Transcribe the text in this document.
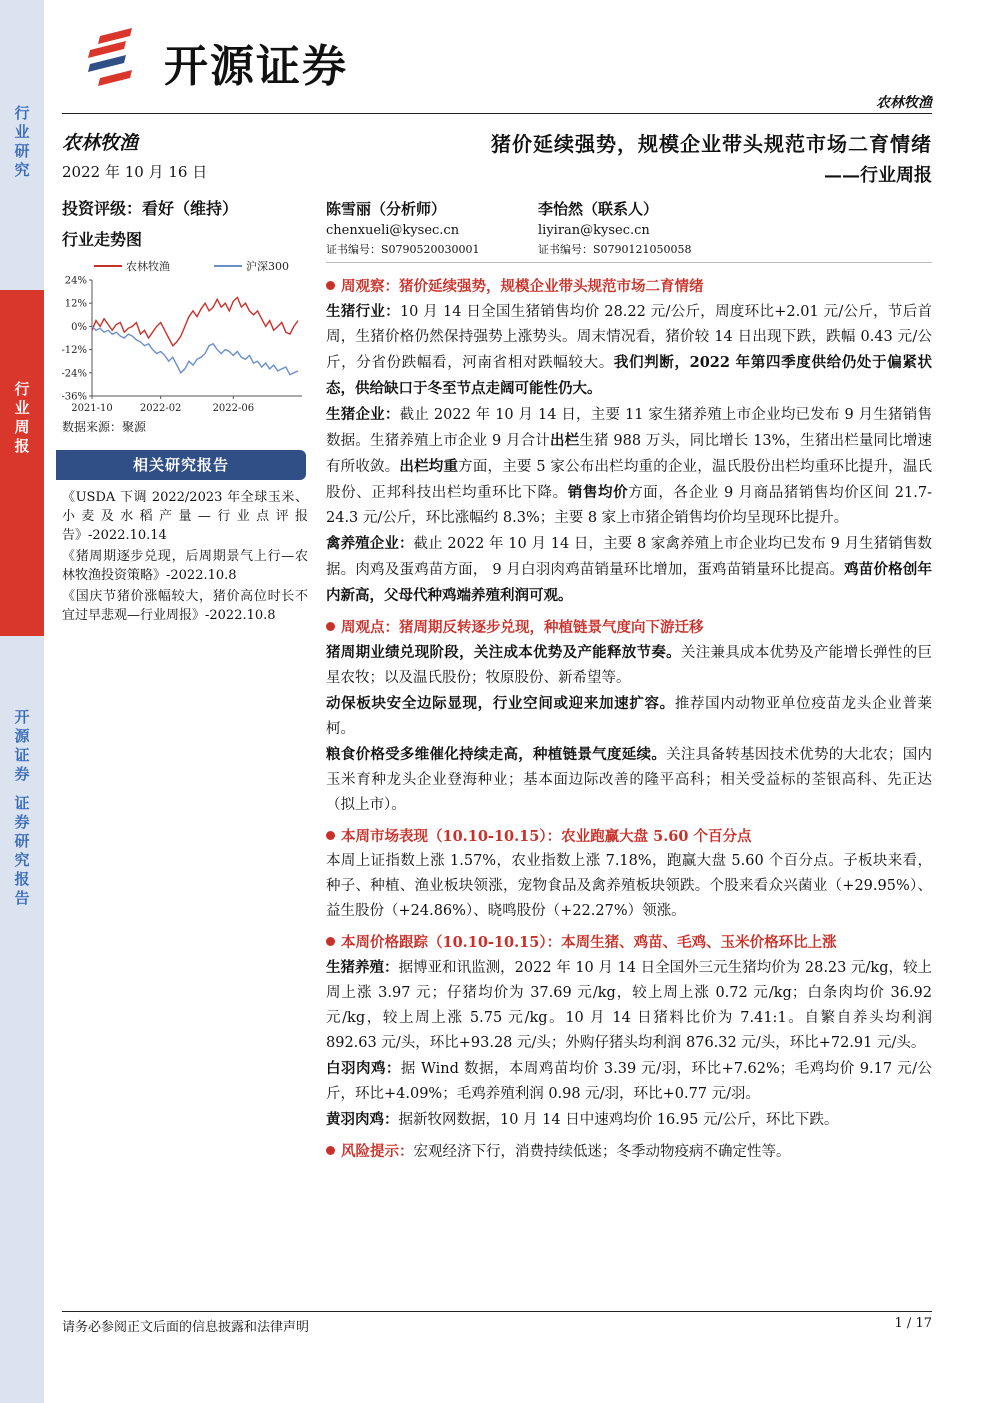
行
业
研
究
行
业
周
报
开
源
证
券

证
券
研
究
报
告
开源证券
农林牧渔
农林牧渔
2022 年 10 月 16 日
投资评级：看好（维持）
行业走势图
24%
12%
0%
-12%
-24%
-36%
2021-10	2022-02	2022-06
农林牧渔	沪深300
数据来源：聚源
相关研究报告
《USDA 下调 2022/2023 年全球玉米、小麦及水稻产量—行业点评报告》-2022.10.14
《猪周期逐步兑现，后周期景气上行—农林牧渔投资策略》-2022.10.8
《国庆节猪价涨幅较大，猪价高位时长不宜过早悲观—行业周报》-2022.10.8
猪价延续强势，规模企业带头规范市场二育情绪
——行业周报
陈雪丽（分析师）
chenxueli@kysec.cn
证书编号：S0790520030001
李怡然（联系人）
liyiran@kysec.cn
证书编号：S0790121050058
周观察：猪价延续强势，规模企业带头规范市场二育情绪
生猪行业：10 月 14 日全国生猪销售均价 28.22 元/公斤，周度环比+2.01 元/公斤，节后首周，生猪价格仍然保持强势上涨势头。周末情况看，猪价较 14 日出现下跌，跌幅 0.43 元/公斤，分省份跌幅看，河南省相对跌幅较大。我们判断，2022 年第四季度供给仍处于偏紧状态，供给缺口于冬至节点走阔可能性仍大。
生猪企业：截止 2022 年 10 月 14 日，主要 11 家生猪养殖上市企业均已发布 9 月生猪销售数据。生猪养殖上市企业 9 月合计出栏生猪 988 万头，同比增长 13%，生猪出栏量同比增速有所收敛。出栏均重方面，主要 5 家公布出栏均重的企业，温氏股份出栏均重环比提升，温氏股份、正邦科技出栏均重环比下降。销售均价方面，各企业 9 月商品猪销售均价区间 21.7-24.3 元/公斤，环比涨幅约 8.3%；主要 8 家上市猪企销售均价均呈现环比提升。
禽养殖企业：截止 2022 年 10 月 14 日，主要 8 家禽养殖上市企业均已发布 9 月生猪销售数据。肉鸡及蛋鸡苗方面， 9 月白羽肉鸡苗销量环比增加，蛋鸡苗销量环比提高。鸡苗价格创年内新高，父母代种鸡端养殖利润可观。
周观点：猪周期反转逐步兑现，种植链景气度向下游迁移
猪周期业绩兑现阶段，关注成本优势及产能释放节奏。关注兼具成本优势及产能增长弹性的巨星农牧；以及温氏股份；牧原股份、新希望等。
动保板块安全边际显现，行业空间或迎来加速扩容。推荐国内动物亚单位疫苗龙头企业普莱柯。
粮食价格受多维催化持续走高，种植链景气度延续。关注具备转基因技术优势的大北农；国内玉米育种龙头企业登海种业；基本面边际改善的隆平高科；相关受益标的荃银高科、先正达（拟上市）。
本周市场表现（10.10-10.15）：农业跑赢大盘 5.60 个百分点
本周上证指数上涨 1.57%，农业指数上涨 7.18%，跑赢大盘 5.60 个百分点。子板块来看，种子、种植、渔业板块领涨，宠物食品及禽养殖板块领跌。个股来看众兴菌业（+29.95%）、益生股份（+24.86%）、晓鸣股份（+22.27%）领涨。
本周价格跟踪（10.10-10.15）：本周生猪、鸡苗、毛鸡、玉米价格环比上涨
生猪养殖：据博亚和讯监测，2022 年 10 月 14 日全国外三元生猪均价为 28.23 元/kg，较上周上涨 3.97 元；仔猪均价为 37.69 元/kg，较上周上涨 0.72 元/kg；白条肉均价 36.92 元/kg，较上周上涨 5.75 元/kg。10 月 14 日猪料比价为 7.41:1。自繁自养头均利润 892.63 元/头，环比+93.28 元/头；外购仔猪头均利润 876.32 元/头，环比+72.91 元/头。
白羽肉鸡：据 Wind 数据，本周鸡苗均价 3.39 元/羽，环比+7.62%；毛鸡均价 9.17 元/公斤，环比+4.09%；毛鸡养殖利润 0.98 元/羽，环比+0.77 元/羽。
黄羽肉鸡：据新牧网数据，10 月 14 日中速鸡均价 16.95 元/公斤，环比下跌。
风险提示：宏观经济下行，消费持续低迷；冬季动物疫病不确定性等。
请务必参阅正文后面的信息披露和法律声明	1 / 17
